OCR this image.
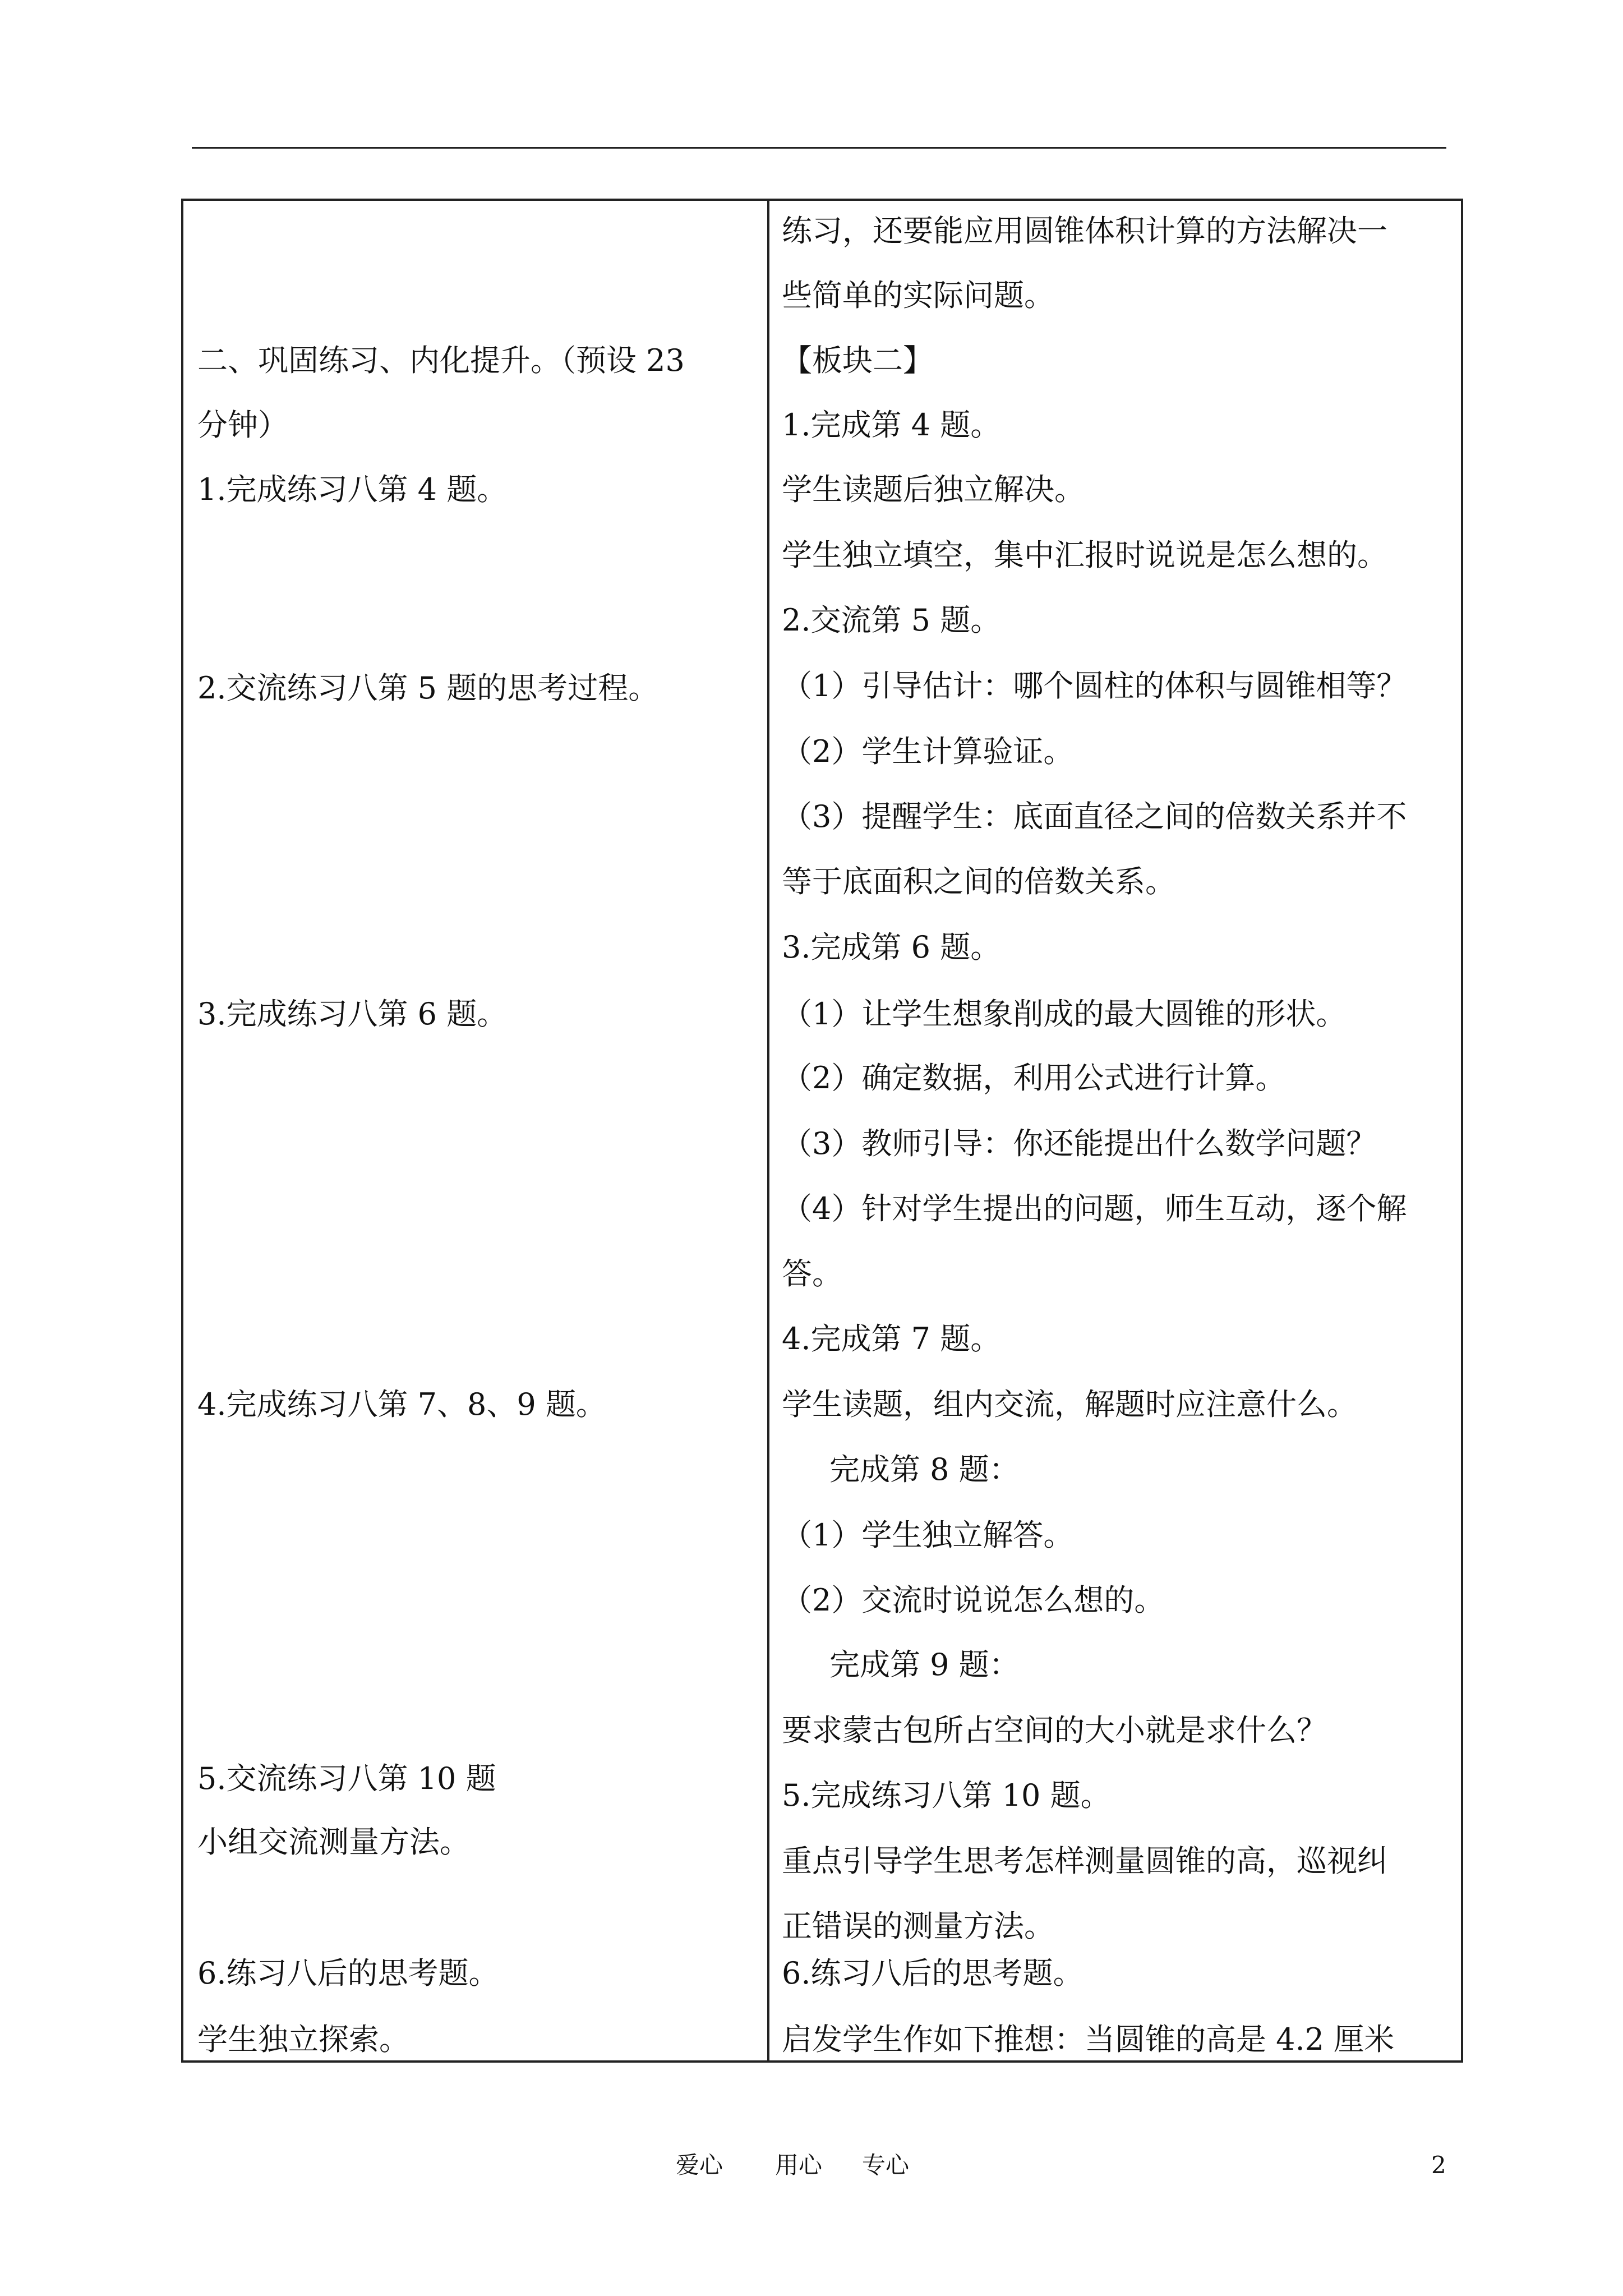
二、巩固练习、内化提升。（预设 23
分钟）
1.完成练习八第 4 题。
2.交流练习八第 5 题的思考过程。
3.完成练习八第 6 题。
4.完成练习八第 7、8、9 题。
5.交流练习八第 10 题
小组交流测量方法。
6.练习八后的思考题。
学生独立探索。
练习，还要能应用圆锥体积计算的方法解决一
些简单的实际问题。
【板块二】
1.完成第 4 题。
学生读题后独立解决。
学生独立填空，集中汇报时说说是怎么想的。
2.交流第 5 题。
（1）引导估计：哪个圆柱的体积与圆锥相等？
（2）学生计算验证。
（3）提醒学生：底面直径之间的倍数关系并不
等于底面积之间的倍数关系。
3.完成第 6 题。
（1）让学生想象削成的最大圆锥的形状。
（2）确定数据，利用公式进行计算。
（3）教师引导：你还能提出什么数学问题？
（4）针对学生提出的问题，师生互动，逐个解
答。
4.完成第 7 题。
学生读题，组内交流，解题时应注意什么。
完成第 8 题：
（1）学生独立解答。
（2）交流时说说怎么想的。
完成第 9 题：
要求蒙古包所占空间的大小就是求什么？
5.完成练习八第 10 题。
重点引导学生思考怎样测量圆锥的高，巡视纠
正错误的测量方法。
6.练习八后的思考题。
启发学生作如下推想：当圆锥的高是 4.2 厘米
爱心 用心 专心	2
